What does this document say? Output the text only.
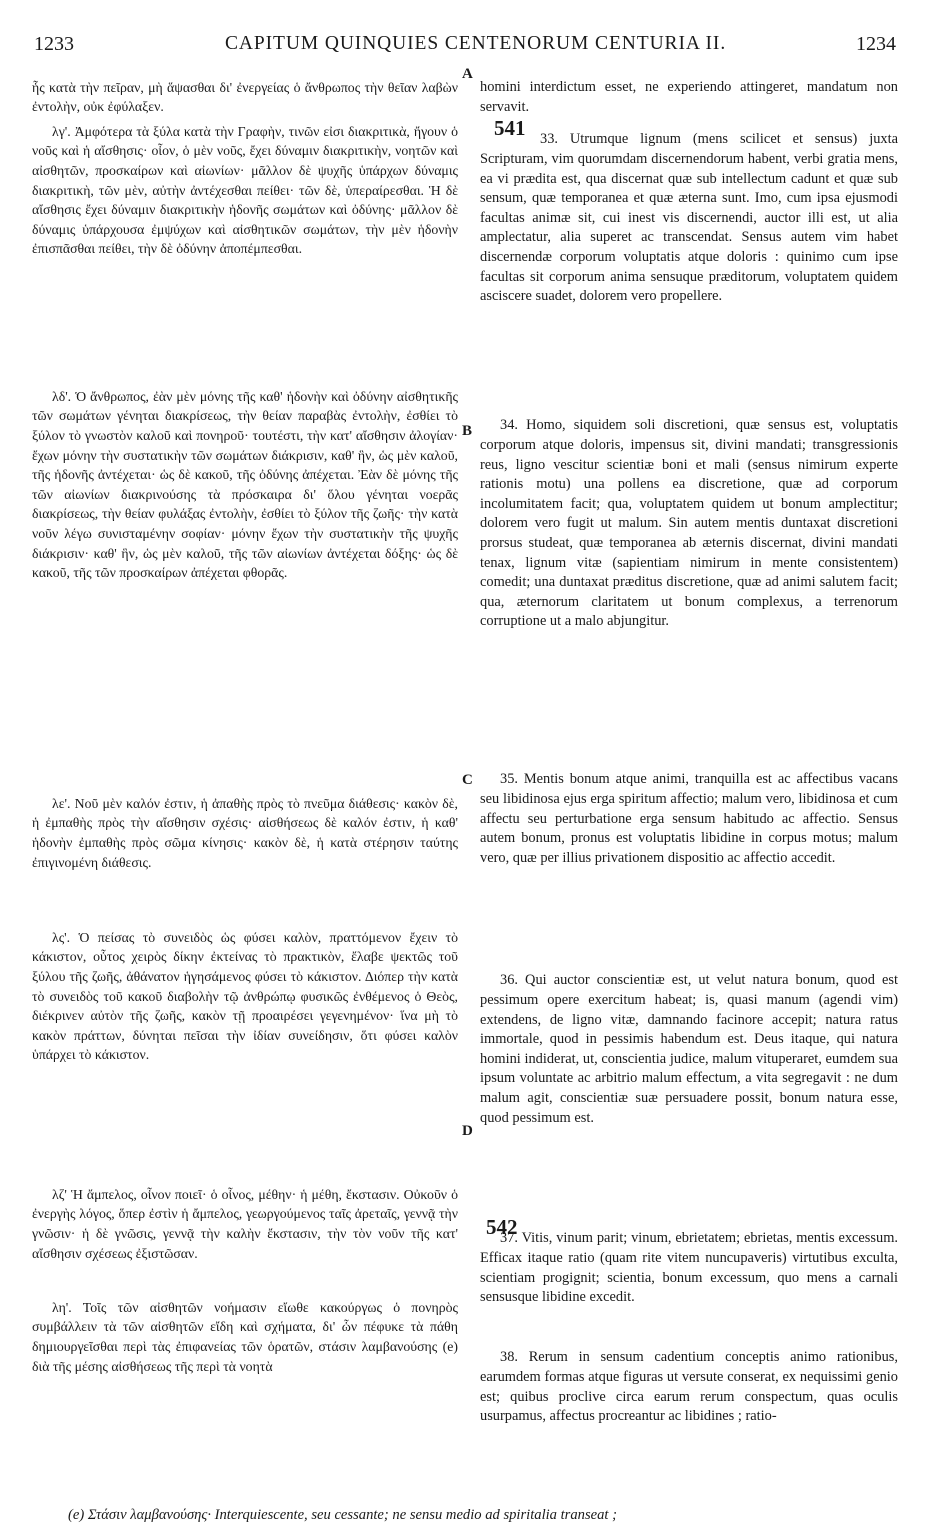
1233	CAPITUM QUINQUIES CENTENORUM CENTURIA II.	1234

ἧς κατὰ τὴν πεῖραν, μὴ ἅψασθαι δι' ἐνεργείας ὁ ἄνθρωπος τὴν θεῖαν λαβὼν ἐντολὴν, οὐκ ἐφύλαξεν.

λγ'. Ἀμφότερα τὰ ξύλα κατὰ τὴν Γραφὴν, τινῶν εἰσι διακριτικὰ, ἤγουν ὁ νοῦς καὶ ἡ αἴσθησις· οἷον, ὁ μὲν νοῦς, ἔχει δύναμιν διακριτικὴν, νοητῶν καὶ αἰσθητῶν, προσκαίρων καὶ αἰωνίων· μᾶλλον δὲ ψυχῆς ὑπάρχων δύναμις διακριτικὴ, τῶν μὲν, αὐτὴν ἀντέχεσθαι πείθει· τῶν δὲ, ὑπεραίρεσθαι. Ἡ δὲ αἴσθησις ἔχει δύναμιν διακριτικὴν ἡδονῆς σωμάτων καὶ ὀδύνης· μᾶλλον δὲ δύναμις ὑπάρχουσα ἐμψύχων καὶ αἰσθητικῶν σωμάτων, τὴν μὲν ἡδονὴν ἐπισπᾶσθαι πείθει, τὴν δὲ ὀδύνην ἀποπέμπεσθαι.

λδ'. Ὁ ἄνθρωπος, ἐὰν μὲν μόνης τῆς καθ' ἡδονὴν καὶ ὀδύνην αἰσθητικῆς τῶν σωμάτων γένηται διακρίσεως, τὴν θείαν παραβὰς ἐντολὴν, ἐσθίει τὸ ξύλον τὸ γνωστὸν καλοῦ καὶ πονηροῦ· τουτέστι, τὴν κατ' αἴσθησιν ἀλογίαν· ἔχων μόνην τὴν συστατικὴν τῶν σωμάτων διάκρισιν, καθ' ἣν, ὡς μὲν καλοῦ, τῆς ἡδονῆς ἀντέχεται· ὡς δὲ κακοῦ, τῆς ὀδύνης ἀπέχεται. Ἐὰν δὲ μόνης τῆς τῶν αἰωνίων διακρινούσης τὰ πρόσκαιρα δι' ὅλου γένηται νοερᾶς διακρίσεως, τὴν θείαν φυλάξας ἐντολὴν, ἐσθίει τὸ ξύλον τῆς ζωῆς· τὴν κατὰ νοῦν λέγω συνισταμένην σοφίαν· μόνην ἔχων τὴν συστατικὴν τῆς ψυχῆς διάκρισιν· καθ' ἣν, ὡς μὲν καλοῦ, τῆς τῶν αἰωνίων ἀντέχεται δόξης· ὡς δὲ κακοῦ, τῆς τῶν προσκαίρων ἀπέχεται φθορᾶς.

λε'. Νοῦ μὲν καλόν ἐστιν, ἡ ἀπαθὴς πρὸς τὸ πνεῦμα διάθεσις· κακὸν δὲ, ἡ ἐμπαθὴς πρὸς τὴν αἴσθησιν σχέσις· αἰσθήσεως δὲ καλόν ἐστιν, ἡ καθ' ἡδονὴν ἐμπαθὴς πρὸς σῶμα κίνησις· κακὸν δὲ, ἡ κατὰ στέρησιν ταύτης ἐπιγινομένη διάθεσις.

λς'. Ὁ πείσας τὸ συνειδὸς ὡς φύσει καλὸν, πραττόμενον ἔχειν τὸ κάκιστον, οὗτος χειρὸς δίκην ἐκτείνας τὸ πρακτικὸν, ἔλαβε ψεκτῶς τοῦ ξύλου τῆς ζωῆς, ἀθάνατον ἡγησάμενος φύσει τὸ κάκιστον. Διόπερ τὴν κατὰ τὸ συνειδὸς τοῦ κακοῦ διαβολὴν τῷ ἀνθρώπῳ φυσικῶς ἐνθέμενος ὁ Θεὸς, διέκρινεν αὐτὸν τῆς ζωῆς, κακὸν τῇ προαιρέσει γεγενημένον· ἵνα μὴ τὸ κακὸν πράττων, δύνηται πεῖσαι τὴν ἰδίαν συνείδησιν, ὅτι φύσει καλὸν ὑπάρχει τὸ κάκιστον.

λζ' Ἡ ἄμπελος, οἶνον ποιεῖ· ὁ οἶνος, μέθην· ἡ μέθη, ἔκστασιν. Οὐκοῦν ὁ ἐνεργὴς λόγος, ὅπερ ἐστὶν ἡ ἄμπελος, γεωργούμενος ταῖς ἀρεταῖς, γεννᾷ τὴν γνῶσιν· ἡ δὲ γνῶσις, γεννᾷ τὴν καλὴν ἔκστασιν, τὴν τὸν νοῦν τῆς κατ' αἴσθησιν σχέσεως ἐξιστῶσαν.

λη'. Τοῖς τῶν αἰσθητῶν νοήμασιν εἴωθε κακούργως ὁ πονηρὸς συμβάλλειν τὰ τῶν αἰσθητῶν εἴδη καὶ σχήματα, δι' ὧν πέφυκε τὰ πάθη δημιουργεῖσθαι περὶ τὰς ἐπιφανείας τῶν ὁρατῶν, στάσιν λαμβανούσης (e) διὰ τῆς μέσης αἰσθήσεως τῆς περὶ τὰ νοητὰ

A
B
C
D
541
542

homini interdictum esset, ne experiendo attingeret, mandatum non servavit.

33. Utrumque lignum (mens scilicet et sensus) juxta Scripturam, vim quorumdam discernendorum habent, verbi gratia mens, ea vi prædita est, qua discernat quæ sub intellectum cadunt et quæ sub sensum, quæ temporanea et quæ æterna sunt. Imo, cum ipsa ejusmodi facultas animæ sit, cui inest vis discernendi, auctor illi est, ut alia amplectatur, alia superet ac transcendat. Sensus autem vim habet discernendæ corporum voluptatis atque doloris : quinimo cum ipse facultas sit corporum anima sensuque præditorum, voluptatem quidem asciscere suadet, dolorem vero propellere.

34. Homo, siquidem soli discretioni, quæ sensus est, voluptatis corporum atque doloris, impensus sit, divini mandati; transgressionis reus, ligno vescitur scientiæ boni et mali (sensus nimirum experte rationis motu) una pollens ea discretione, quæ ad corporum incolumitatem facit; qua, voluptatem quidem ut bonum amplectitur; dolorem vero fugit ut malum. Sin autem mentis duntaxat discretioni prorsus studeat, quæ temporanea ab æternis discernat, divini mandati tenax, lignum vitæ (sapientiam nimirum in mente consistentem) comedit; una duntaxat præditus discretione, quæ ad animi salutem facit; qua, æternorum claritatem ut bonum complexus, a terrenorum corruptione ut a malo abjungitur.

35. Mentis bonum atque animi, tranquilla est ac affectibus vacans seu libidinosa ejus erga spiritum affectio; malum vero, libidinosa et cum affectu seu perturbatione erga sensum habitudo ac affectio. Sensus autem bonum, pronus est voluptatis libidine in corpus motus; malum vero, quæ per illius privationem dispositio ac affectio accedit.

36. Qui auctor conscientiæ est, ut velut natura bonum, quod est pessimum opere exercitum habeat; is, quasi manum (agendi vim) extendens, de ligno vitæ, damnando facinore accepit; natura ratus immortale, quod in pessimis habendum est. Deus itaque, qui natura homini indiderat, ut, conscientia judice, malum vituperaret, eumdem sua ipsum voluntate ac arbitrio malum effectum, a vita segregavit : ne dum malum agit, conscientiæ suæ persuadere possit, bonum natura esse, quod pessimum est.

37. Vitis, vinum parit; vinum, ebrietatem; ebrietas, mentis excessum. Efficax itaque ratio (quam rite vitem nuncupaveris) virtutibus exculta, scientiam progignit; scientia, bonum excessum, quo mens a carnali sensusque libidine excedit.

38. Rerum in sensum cadentium conceptis animo rationibus, earumdem formas atque figuras ut versute conserat, ex nequissimi genio est; quibus proclive circa earum rerum conspectum, quas oculis usurpamus, affectus procreantur ac libidines ; ratio-

(e) Στάσιν λαμβανούσης· Interquiescente, seu cessante; ne sensu medio ad spiritalia transeat ;
